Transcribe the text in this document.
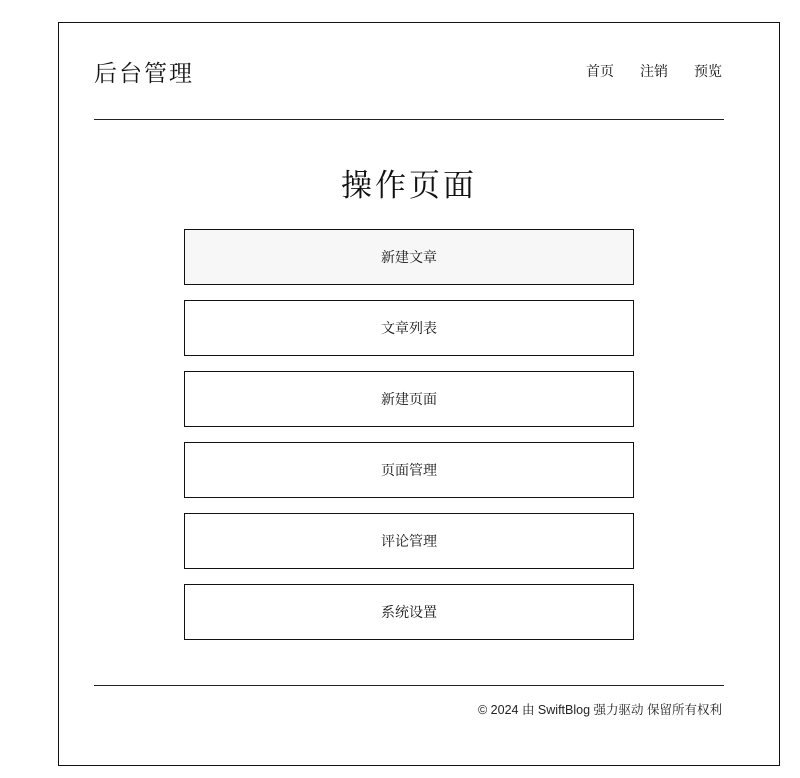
后台管理	首页 注销 预览
操作页面
新建文章
文章列表
新建页面
页面管理
评论管理
系统设置
© 2024 由 SwiftBlog 强力驱动 保留所有权利
